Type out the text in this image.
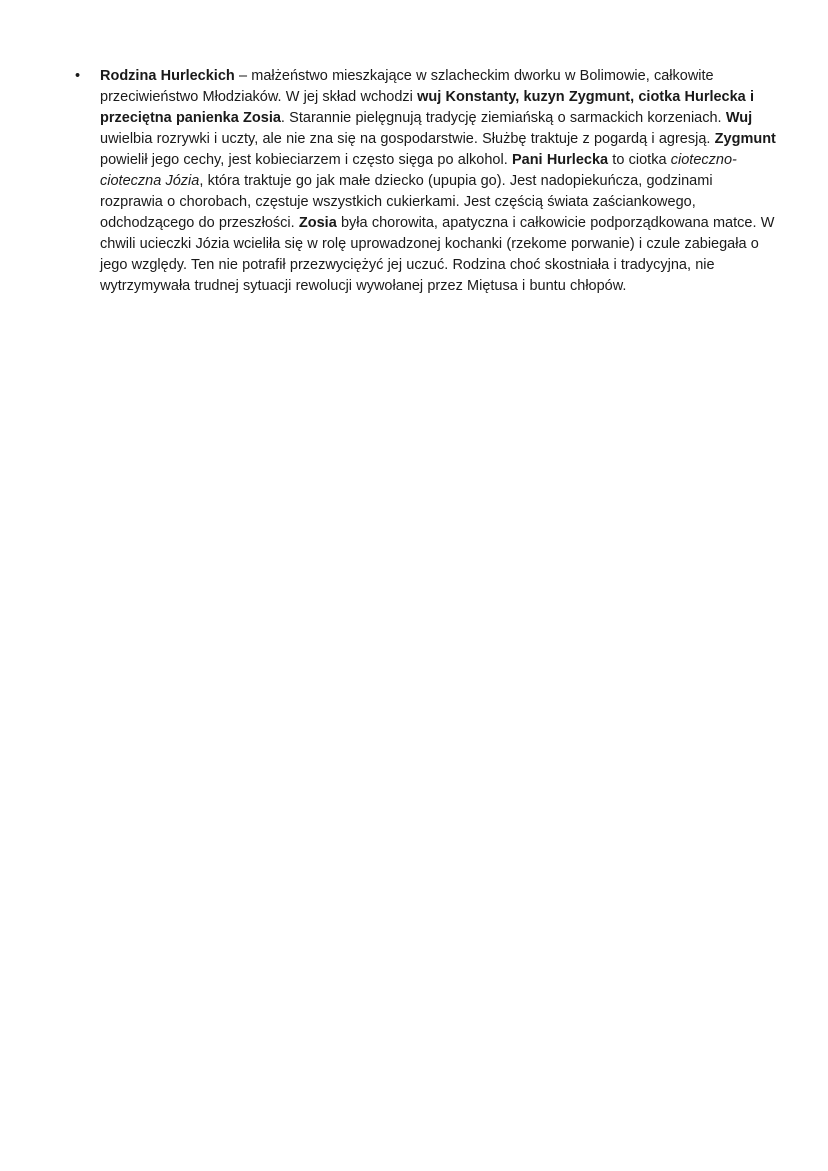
•	Rodzina Hurleckich – małżeństwo mieszkające w szlacheckim dworku w Bolimowie, całkowite przeciwieństwo Młodziaków. W jej skład wchodzi wuj Konstanty, kuzyn Zygmunt, ciotka Hurlecka i przeciętna panienka Zosia. Starannie pielęgnują tradycję ziemiańską o sarmackich korzeniach. Wuj uwielbia rozrywki i uczty, ale nie zna się na gospodarstwie. Służbę traktuje z pogardą i agresją. Zygmunt powielił jego cechy, jest kobieciarzem i często sięga po alkohol. Pani Hurlecka to ciotka cioteczno-cioteczna Józia, która traktuje go jak małe dziecko (upupia go). Jest nadopiekuńcza, godzinami rozprawia o chorobach, częstuje wszystkich cukierkami. Jest częścią świata zaściankowego, odchodzącego do przeszłości. Zosia była chorowita, apatyczna i całkowicie podporządkowana matce. W chwili ucieczki Józia wcieliła się w rolę uprowadzonej kochanki (rzekome porwanie) i czule zabiegała o jego względy. Ten nie potrafił przezwyciężyć jej uczuć. Rodzina choć skostniała i tradycyjna, nie wytrzymywała trudnej sytuacji rewolucji wywołanej przez Miętusa i buntu chłopów.
